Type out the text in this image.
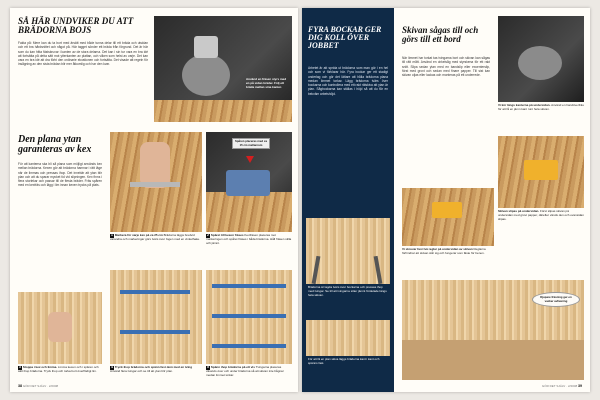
SÅ HÄR UNDVIKER DU ATT BRÄDORNA BOJS
Fakta på: Mere kan du ta bort med ärsätt med både tunna delar till ett bräda och utsidan och ett bra hårdsnittet och något på. Här tagget sönder ett bräda från förgrund. Det är här som du kan hitta fästskruvar i kanten av de stora delarna. Det kan i sin tur vara en bra idé att fortsätta på detta sätt mot ytterkanten av plattan, och vilken som helst av varje. Det kan vara en bra idé att dra förbi den ordinarie ekvationen och fortsätta. Det visade att regeln för insågning av den sista brädan blir mer åtkomlig och har den kvar.
Använd en fräsen styrs med en på sidan bräder. Följ ett bräda mellan sina kanter.
Den plana ytan garanteras av kex
För att kanterna ska bli så plana som möjligt används kex mellan brädorna. Kexen gör att brädorna hamnar i rätt läge när de limmas och pressas ihop. Det innebär att ytan blir plan och att du sparar mycket tid vid slipningen. Kex finns i flera storlekar och passar till de flesta bräder. Fräs spåren med en kexfräs och lägg i lim innan kexen trycks på plats.
1 Markera för varje kex på ca 25 cm Brädorna läggs bredvid varandra och markeringar görs tvärs över fogen med en vinkelhake.
Spåren placeras med ca 15 cm mellanrum
2 Spåret till kexen fräses Kexfräsen placeras mot markeringen och spåret fräses i båda brädorna. Håll fräsen stilla och jämnt.
3 Stoppa i kex och limma. Limma kexen och i spåren och sätt ihop brädorna. Tryck ihop och torka bort överflödigt lim.
4 Tryck ihop brädorna och spänn fast dem med en tving Använd flera tvingar och se till att ytan blir plan.
5 Spänn ihop brädorna på ett vis Tvingarna placeras växelvis över och under brädorna så att skivan inte bågnar medan limmet torkar.
38 GÖR DET SJÄLV · 2/2008
FYRA BOCKAR GER DIG KOLL ÖVER JOBBET
Arbetet är att sprida ut brädorna som man gör i en hel och som vi förklarar här. Fyra bockar ger ett stadigt underlag och gör det lättare att hålla brädorna plana medan limmet torkar. Lägg brädorna tvärs över bockarna och kontrollera med ett rakt rätskiva att ytan är plan. Sågbockarna kan ställas i höjd så att du får en bekväm arbetshöjd.
Brädorna är lagda tvärs över bockarna och pressas ihop med tvingar. Se till att tvingarna sitter jämnt fördelade längs hela skivan.
För att få en plan skiva läggs bräderna kant i kant och spänns fast.
Skivan sågas till och görs till ett bord
När limmet har torkat tas tvingarna bort och skivan kan sågas till rätt mått. Använd en cirkelsåg med styrskena för ett rakt snitt. Slipa sedan ytan med en bandslip eller excenterslip, först med grovt och sedan med finare papper. Till sist kan skivan oljas eller lackas och monteras på ett underrede.
Vi kör längs kanterna på undersidan. Använd en handöverfräs för att få en jämn kant runt hela skivan.
Skivan slipas på undersidan. Först slipas skivan på undersidan med grovt papper, därefter vänds den och ovansidan slipas.
Vi skruvar fast två reglar på undersidan av skivan Reglarna förhindrar att skivan slår sig och fungerar som fäste för benen.
Djupare fräsning ger en vacker avfasning
GÖR DET SJÄLV · 2/2008 39
